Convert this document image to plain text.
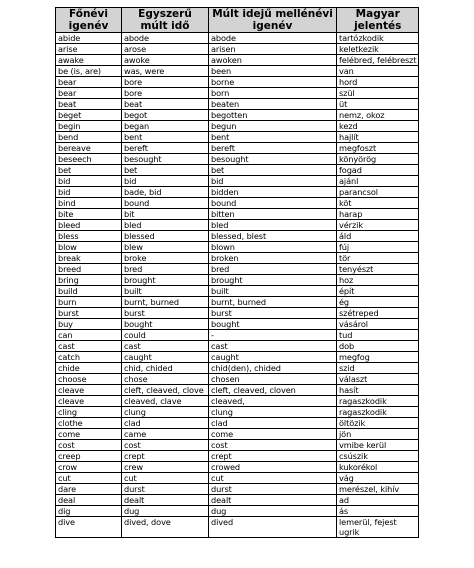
Főnévi igenév	Egyszerű múlt idő	Múlt idejű mellénévi igenév	Magyar jelentés
abide	abode	abode	tartózkodik
arise	arose	arisen	keletkezik
awake	awoke	awoken	felébred, felébreszt
be (is, are)	was, were	been	van
bear	bore	borne	hord
bear	bore	born	szül
beat	beat	beaten	üt
beget	begot	begotten	nemz, okoz
begin	began	begun	kezd
bend	bent	bent	hajlít
bereave	bereft	bereft	megfoszt
beseech	besought	besought	könyörög
bet	bet	bet	fogad
bid	bid	bid	ajánl
bid	bade, bid	bidden	parancsol
bind	bound	bound	köt
bite	bit	bitten	harap
bleed	bled	bled	vérzik
bless	blessed	blessed, blest	áld
blow	blew	blown	fúj
break	broke	broken	tör
breed	bred	bred	tenyészt
bring	brought	brought	hoz
build	built	built	épít
burn	burnt, burned	burnt, burned	ég
burst	burst	burst	szétreped
buy	bought	bought	vásárol
can	could	-	tud
cast	cast	cast	dob
catch	caught	caught	megfog
chide	chid, chided	chid(den), chided	szid
choose	chose	chosen	választ
cleave	cleft, cleaved, clove	cleft, cleaved, cloven	hasít
cleave	cleaved, clave	cleaved,	ragaszkodik
cling	clung	clung	ragaszkodik
clothe	clad	clad	öltözik
come	came	come	jön
cost	cost	cost	vmibe kerül
creep	crept	crept	csúszik
crow	crew	crowed	kukorékol
cut	cut	cut	vág
dare	durst	durst	merészel, kihív
deal	dealt	dealt	ad
dig	dug	dug	ás
dive	dived, dove	dived	lemerül, fejest ugrik
